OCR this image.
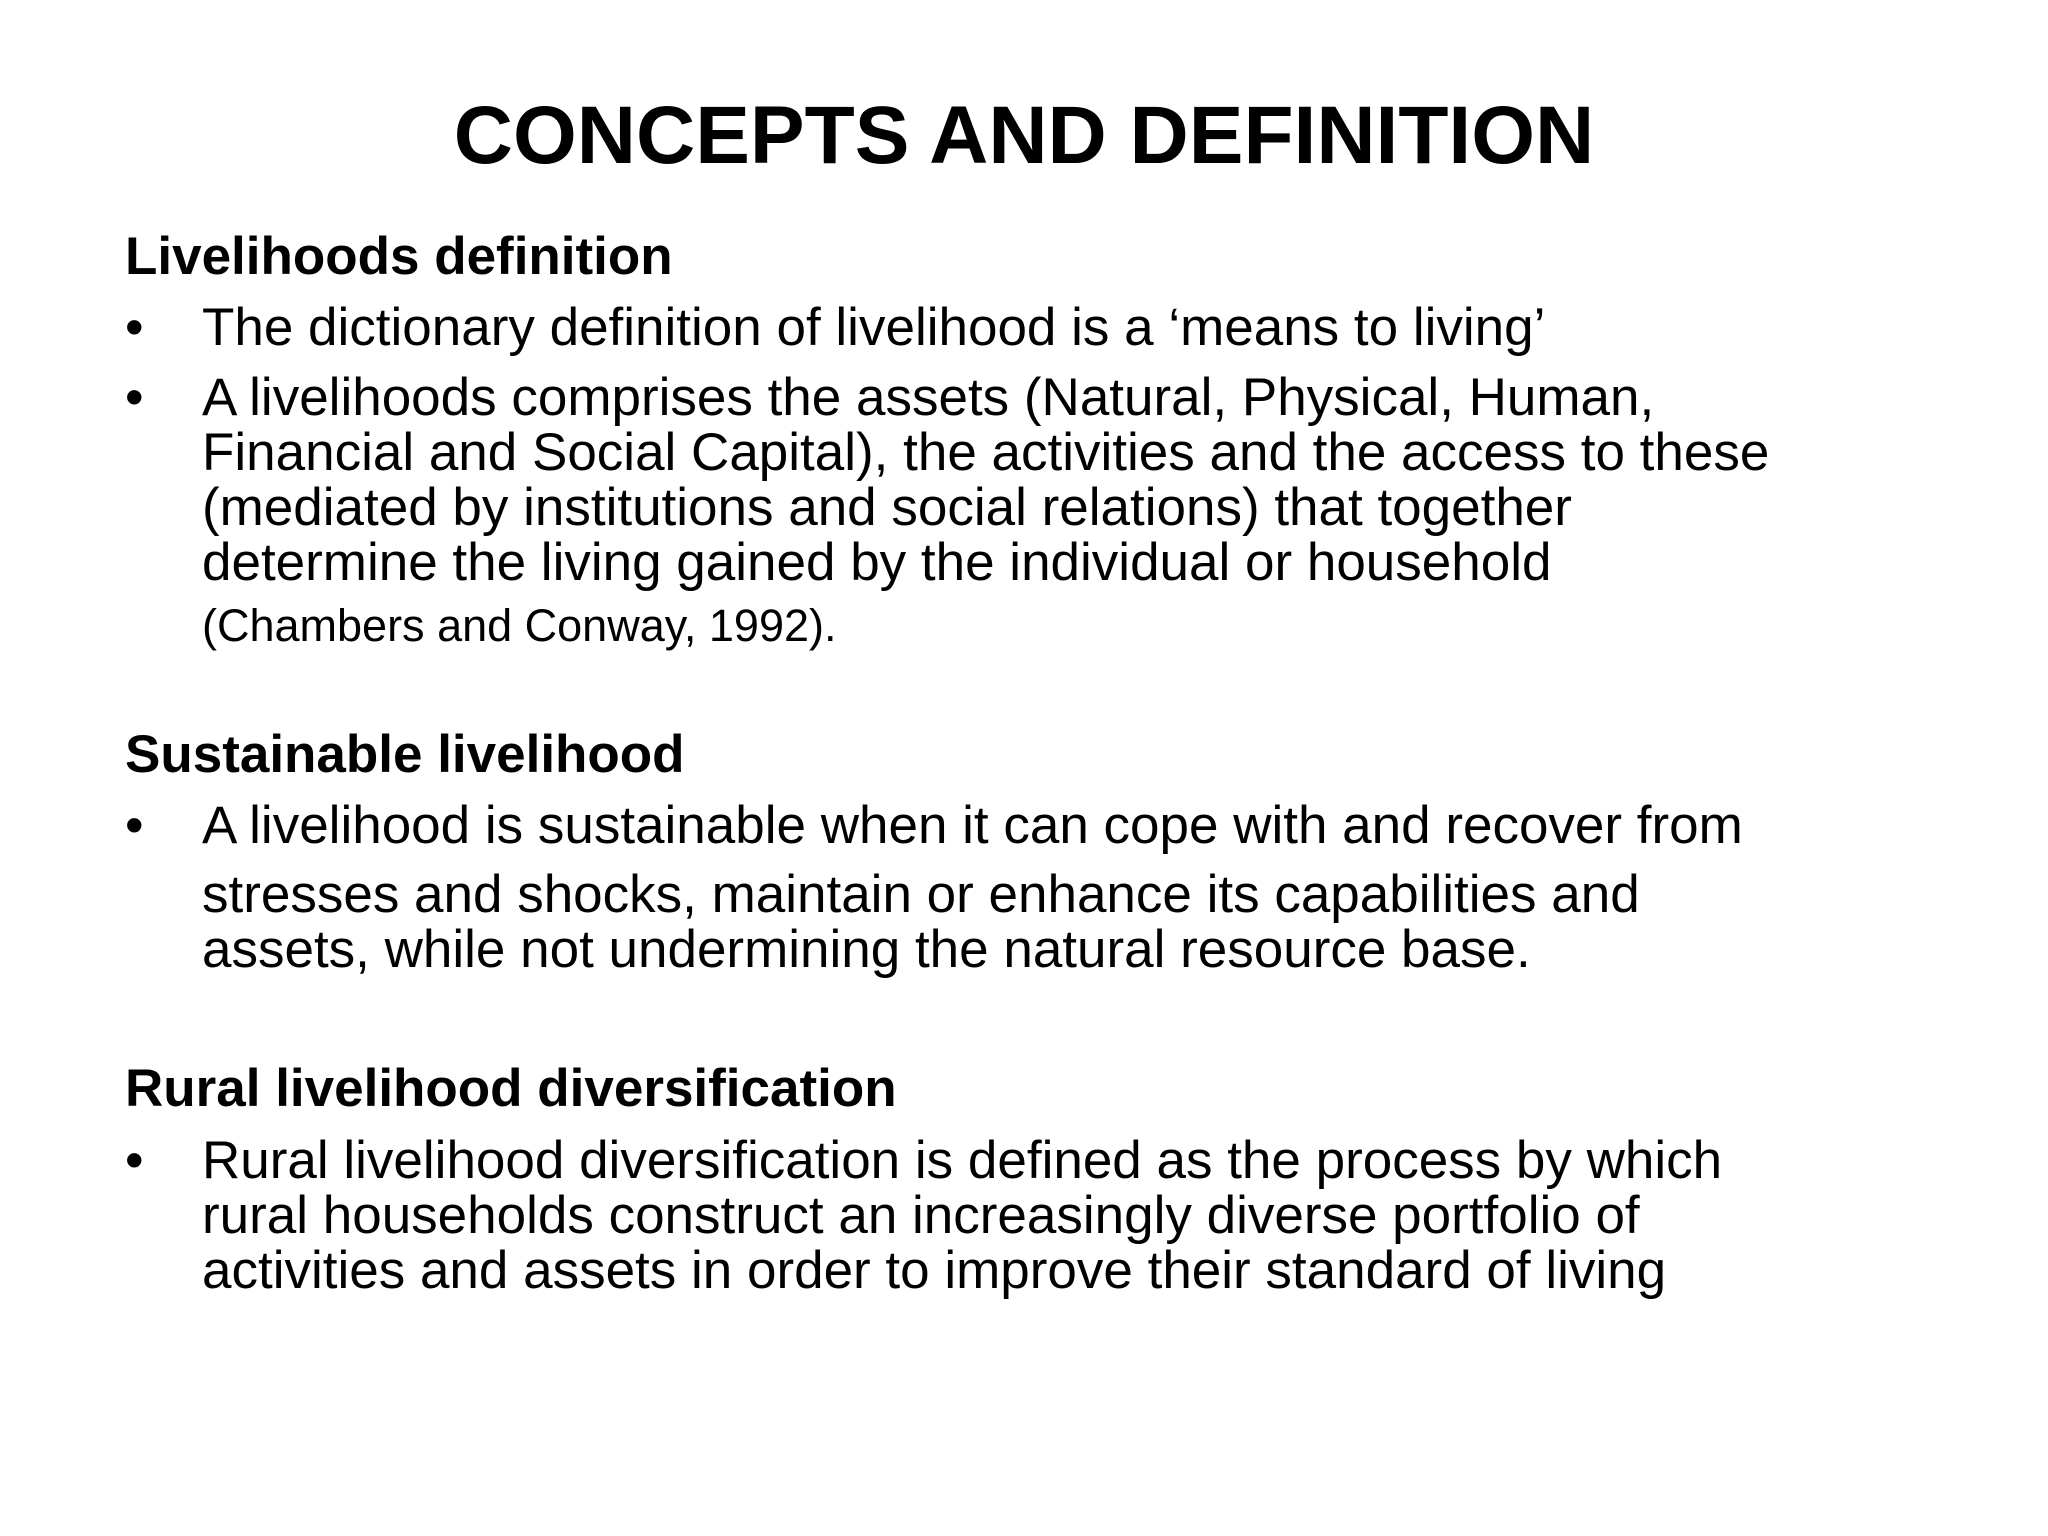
CONCEPTS AND DEFINITION
Livelihoods definition
•	The dictionary definition of livelihood is a ‘means to living’
•	A livelihoods comprises the assets (Natural, Physical, Human,
Financial and Social Capital), the activities and the access to these
(mediated by institutions and social relations) that together
determine the living gained by the individual or household
(Chambers and Conway, 1992).
Sustainable livelihood
•	A livelihood is sustainable when it can cope with and recover from
stresses and shocks, maintain or enhance its capabilities and
assets, while not undermining the natural resource base.
Rural livelihood diversification
•	Rural livelihood diversification is defined as the process by which
rural households construct an increasingly diverse portfolio of
activities and assets in order to improve their standard of living
